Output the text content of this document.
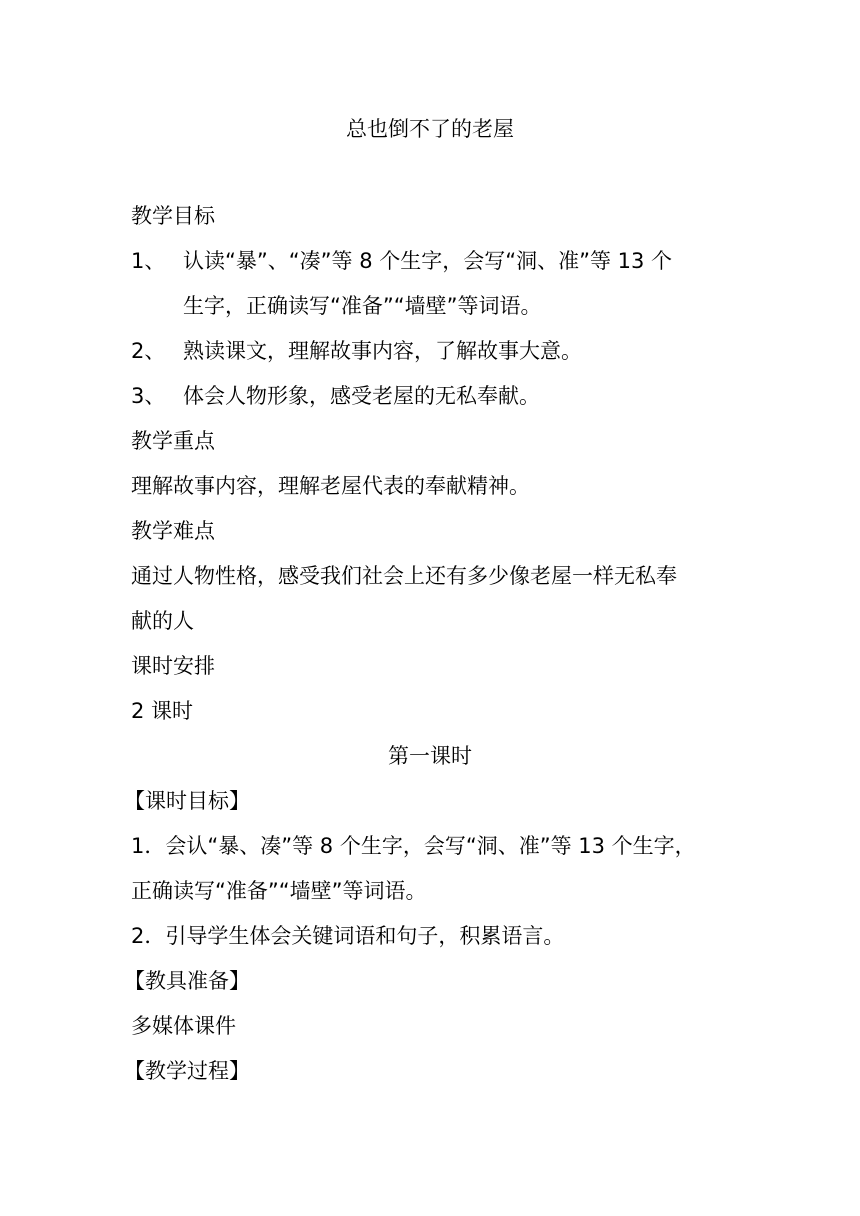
总也倒不了的老屋
教学目标
1、 认读“暴”、“凑”等 8 个生字，会写“洞、准”等 13 个
生字，正确读写“准备”“墙壁”等词语。
2、 熟读课文，理解故事内容，了解故事大意。
3、 体会人物形象，感受老屋的无私奉献。
教学重点
理解故事内容，理解老屋代表的奉献精神。
教学难点
通过人物性格，感受我们社会上还有多少像老屋一样无私奉
献的人
课时安排
2 课时
第一课时
【课时目标】
1．会认“暴、凑”等 8 个生字，会写“洞、准”等 13 个生字，
正确读写“准备”“墙壁”等词语。
2．引导学生体会关键词语和句子，积累语言。
【教具准备】
多媒体课件
【教学过程】
